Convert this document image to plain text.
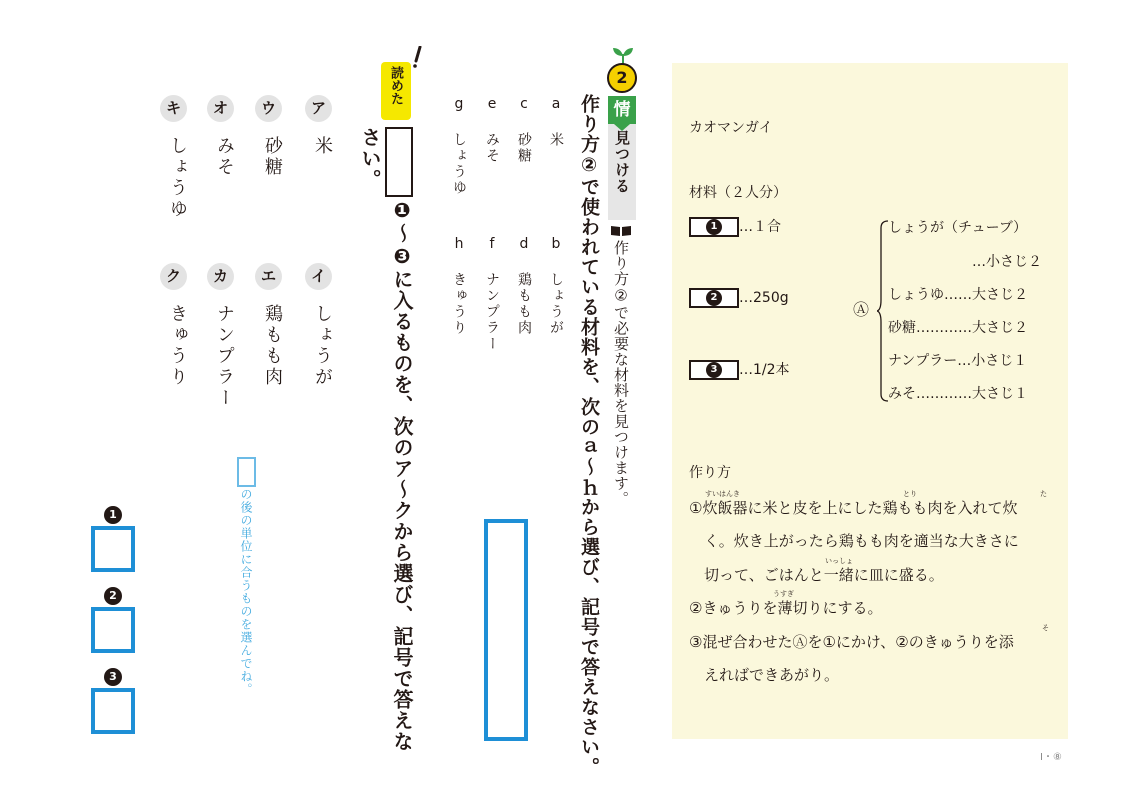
カオマンガイ
材料（２人分）
1	…１合
2	…250g
3	…1/2本
Ⓐ
しょうが（チューブ）
…小さじ２
しょうゆ……大さじ２
砂糖…………大さじ２
ナンプラー…小さじ１
みそ…………大さじ１
作り方
すいはんき	とり	た
①炊飯器に米と皮を上にした鶏もも肉を入れて炊
く。炊き上がったら鶏もも肉を適当な大きさに
いっしょ
切って、ごはんと一緒に皿に盛る。
うすぎ
②きゅうりを薄切りにする。
そ
③混ぜ合わせたⒶを①にかけ、②のきゅうりを添
えればできあがり。
I・⑧
2
情
見つける
作り方②で必要な材料を見つけます。
作り方②で使われている材料を、次のａ～ｈから選び、記号で答えなさい。
a 米
b しょうが
c 砂糖
d 鶏もも肉
e みそ
f ナンプラー
g しょうゆ
h きゅうり
読めた
❶～❸に入るものを、次のア～クから選び、記号で答えな
さい。
ア
米
イ
しょうが
ウ
砂糖
エ
鶏もも肉
オ
みそ
カ
ナンプラー
キ
しょうゆ
ク
きゅうり
の後の単位に合うものを選んでね。
1
2
3
